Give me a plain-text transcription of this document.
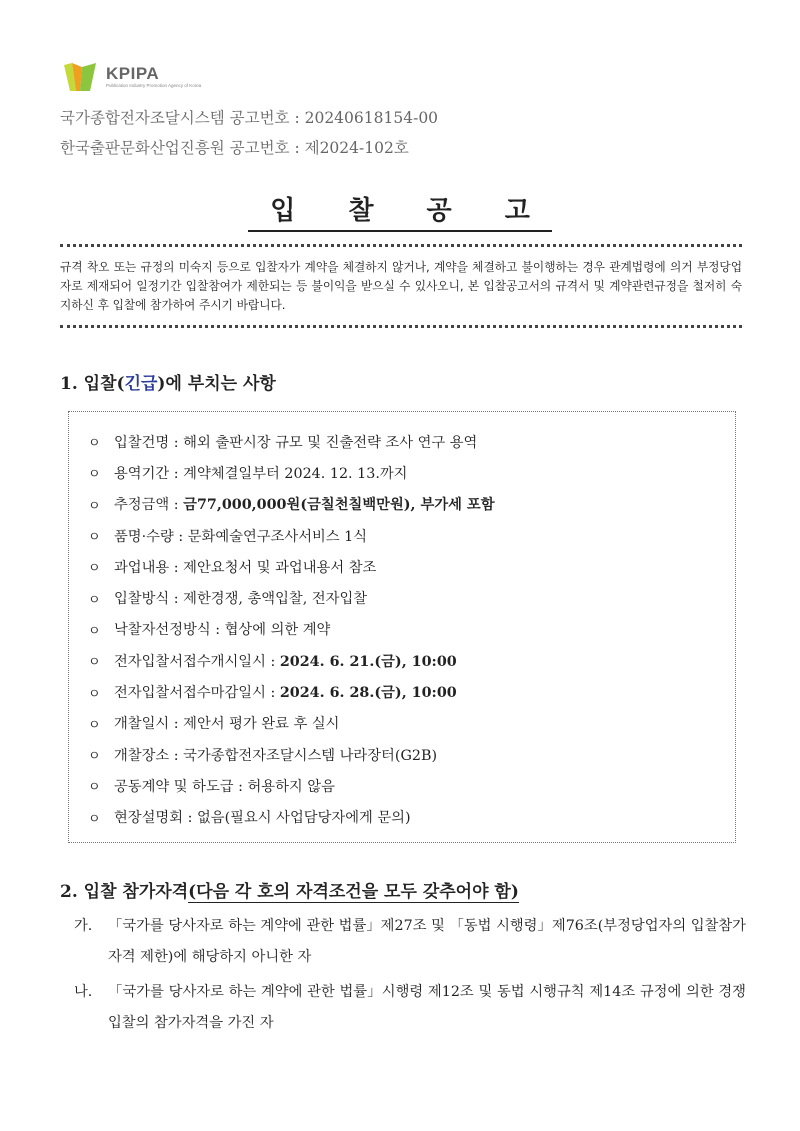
KPIPA
Publication Industry Promotion Agency of Korea
국가종합전자조달시스템 공고번호 : 20240618154-00
한국출판문화산업진흥원 공고번호 : 제2024-102호
입 찰 공 고
규격 착오 또는 규정의 미숙지 등으로 입찰자가 계약을 체결하지 않거나, 계약을 체결하고 불이행하는 경우 관계법령에 의거 부정당업자로 제재되어 일정기간 입찰참여가 제한되는 등 불이익을 받으실 수 있사오니, 본 입찰공고서의 규격서 및 계약관련규정을 철저히 숙지하신 후 입찰에 참가하여 주시기 바랍니다.
1. 입찰(긴급)에 부치는 사항
ㅇ 입찰건명 : 해외 출판시장 규모 및 진출전략 조사 연구 용역
ㅇ 용역기간 : 계약체결일부터 2024. 12. 13.까지
ㅇ 추정금액 : 금77,000,000원(금칠천칠백만원), 부가세 포함
ㅇ 품명·수량 : 문화예술연구조사서비스 1식
ㅇ 과업내용 : 제안요청서 및 과업내용서 참조
ㅇ 입찰방식 : 제한경쟁, 총액입찰, 전자입찰
ㅇ 낙찰자선정방식 : 협상에 의한 계약
ㅇ 전자입찰서접수개시일시 : 2024. 6. 21.(금), 10:00
ㅇ 전자입찰서접수마감일시 : 2024. 6. 28.(금), 10:00
ㅇ 개찰일시 : 제안서 평가 완료 후 실시
ㅇ 개찰장소 : 국가종합전자조달시스템 나라장터(G2B)
ㅇ 공동계약 및 하도급 : 허용하지 않음
ㅇ 현장설명회 : 없음(필요시 사업담당자에게 문의)
2. 입찰 참가자격(다음 각 호의 자격조건을 모두 갖추어야 함)
가.	「국가를 당사자로 하는 계약에 관한 법률」제27조 및 「동법 시행령」제76조(부정당업자의 입찰참가자격 제한)에 해당하지 아니한 자
나.	「국가를 당사자로 하는 계약에 관한 법률」시행령 제12조 및 동법 시행규칙 제14조 규정에 의한 경쟁 입찰의 참가자격을 가진 자
